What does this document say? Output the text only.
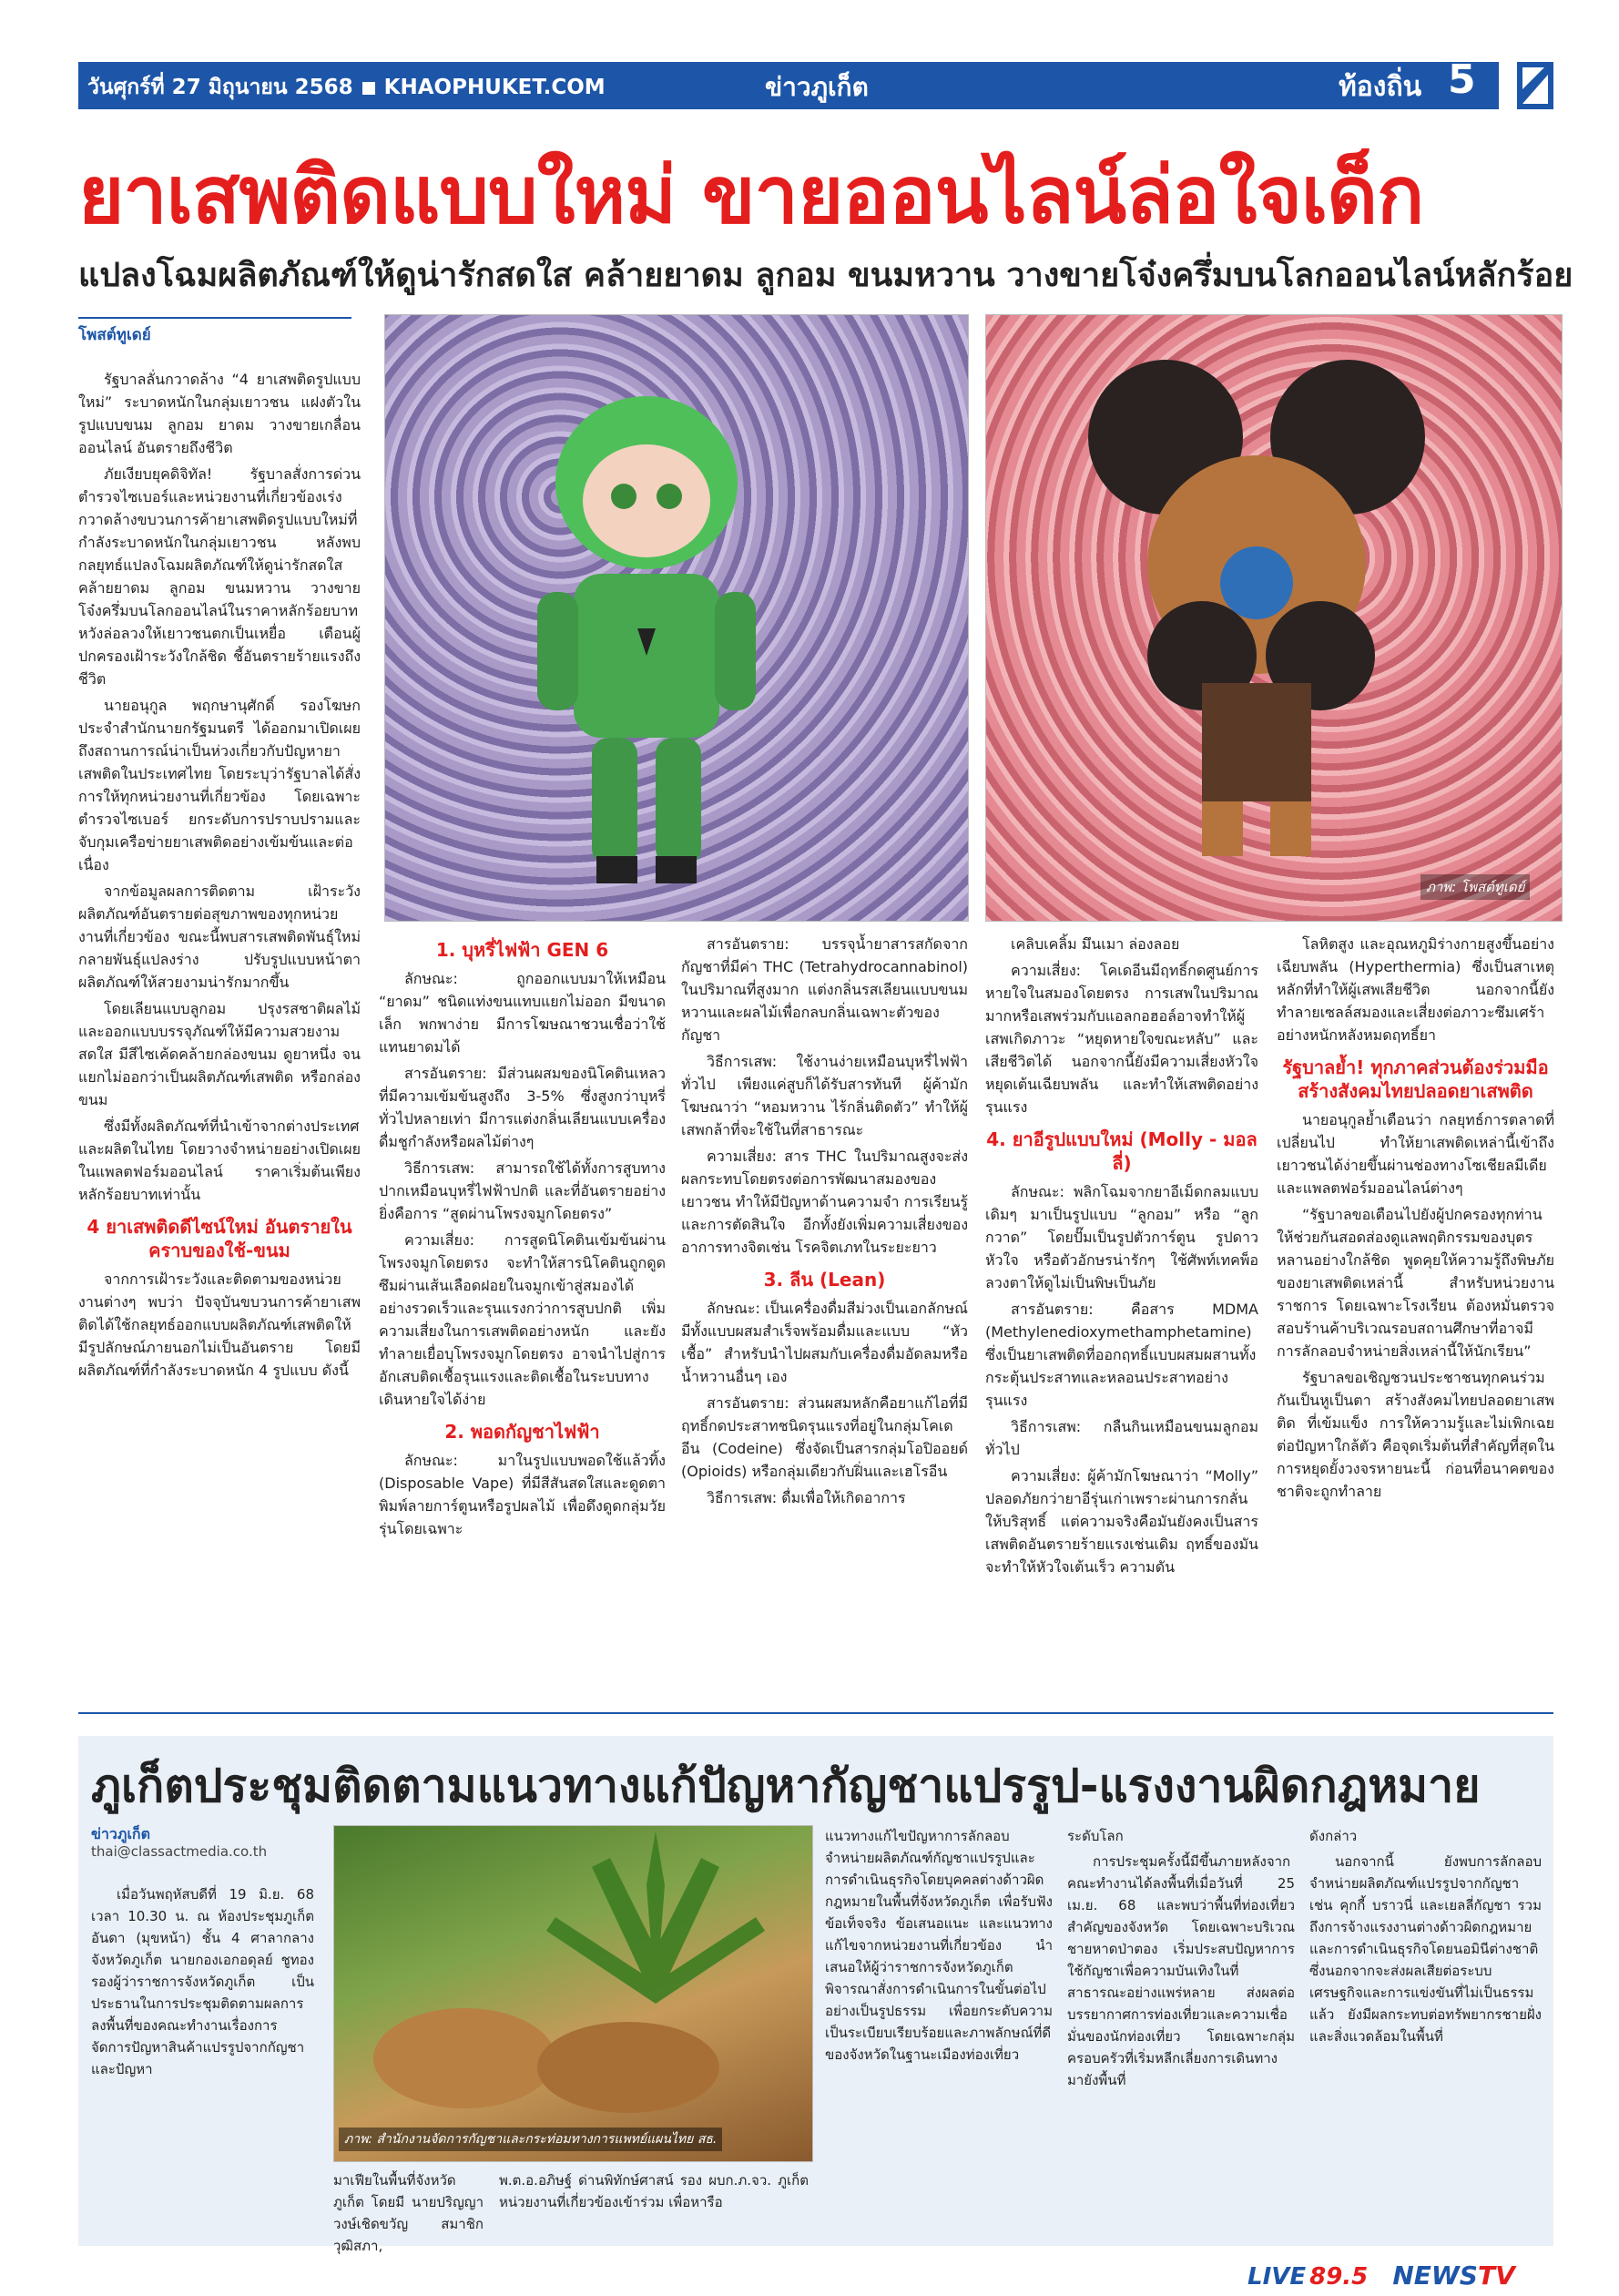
วันศุกร์ที่ 27 มิถุนายน 2568 KHAOPHUKET.COM	ข่าวภูเก็ต	ท้องถิ่น 5
ยาเสพติดแบบใหม่ ขายออนไลน์ล่อใจเด็ก
แปลงโฉมผลิตภัณฑ์ให้ดูน่ารักสดใส คล้ายยาดม ลูกอม ขนมหวาน วางขายโจ๋งครึ่มบนโลกออนไลน์หลักร้อย
โพสต์ทูเดย์

รัฐบาลลั่นกวาดล้าง “4 ยาเสพติดรูปแบบใหม่” ระบาดหนักในกลุ่มเยาวชน แฝงตัวในรูปแบบขนม ลูกอม ยาดม วางขายเกลื่อนออนไลน์ อันตรายถึงชีวิต

ภัยเงียบยุคดิจิทัล! รัฐบาลสั่งการด่วนตำรวจไซเบอร์และหน่วยงานที่เกี่ยวข้องเร่งกวาดล้างขบวนการค้ายาเสพติดรูปแบบใหม่ที่กำลังระบาดหนักในกลุ่มเยาวชน หลังพบกลยุทธ์แปลงโฉมผลิตภัณฑ์ให้ดูน่ารักสดใส คล้ายยาดม ลูกอม ขนมหวาน วางขายโจ๋งครึ่มบนโลกออนไลน์ในราคาหลักร้อยบาท หวังล่อลวงให้เยาวชนตกเป็นเหยื่อ เตือนผู้ปกครองเฝ้าระวังใกล้ชิด ชี้อันตรายร้ายแรงถึงชีวิต

นายอนุกูล พฤกษานุศักดิ์ รองโฆษกประจำสำนักนายกรัฐมนตรี ได้ออกมาเปิดเผยถึงสถานการณ์น่าเป็นห่วงเกี่ยวกับปัญหายาเสพติดในประเทศไทย โดยระบุว่ารัฐบาลได้สั่งการให้ทุกหน่วยงานที่เกี่ยวข้อง โดยเฉพาะตำรวจไซเบอร์ ยกระดับการปราบปรามและจับกุมเครือข่ายยาเสพติดอย่างเข้มข้นและต่อเนื่อง

จากข้อมูลผลการติดตาม เฝ้าระวังผลิตภัณฑ์อันตรายต่อสุขภาพของทุกหน่วยงานที่เกี่ยวข้อง ขณะนี้พบสารเสพติดพันธุ์ใหม่ กลายพันธุ์แปลงร่าง ปรับรูปแบบหน้าตาผลิตภัณฑ์ให้สวยงามน่ารักมากขึ้น

โดยเลียนแบบลูกอม ปรุงรสชาติผลไม้ และออกแบบบรรจุภัณฑ์ให้มีความสวยงามสดใส มีสีไซเค้ดคล้ายกล่องขนม ดูยาหนึ่ง จนแยกไม่ออกว่าเป็นผลิตภัณฑ์เสพติด หรือกล่องขนม

ซึ่งมีทั้งผลิตภัณฑ์ที่นำเข้าจากต่างประเทศและผลิตในไทย โดยวางจำหน่ายอย่างเปิดเผยในแพลตฟอร์มออนไลน์ ราคาเริ่มต้นเพียงหลักร้อยบาทเท่านั้น

4 ยาเสพติดดีไซน์ใหม่ อันตรายในคราบของใช้-ขนม

จากการเฝ้าระวังและติดตามของหน่วยงานต่างๆ พบว่า ปัจจุบันขบวนการค้ายาเสพติดได้ใช้กลยุทธ์ออกแบบผลิตภัณฑ์เสพติดให้มีรูปลักษณ์ภายนอกไม่เป็นอันตราย โดยมีผลิตภัณฑ์ที่กำลังระบาดหนัก 4 รูปแบบ ดังนี้

ภาพ: โพสต์ทูเดย์
1. บุหรี่ไฟฟ้า GEN 6

ลักษณะ: ถูกออกแบบมาให้เหมือน “ยาดม” ชนิดแท่งขนแทบแยกไม่ออก มีขนาดเล็ก พกพาง่าย มีการโฆษณาชวนเชื่อว่าใช้แทนยาดมได้

สารอันตราย: มีส่วนผสมของนิโคตินเหลวที่มีความเข้มข้นสูงถึง 3-5% ซึ่งสูงกว่าบุหรี่ทั่วไปหลายเท่า มีการแต่งกลิ่นเลียนแบบเครื่องดื่มชูกำลังหรือผลไม้ต่างๆ

วิธีการเสพ: สามารถใช้ได้ทั้งการสูบทางปากเหมือนบุหรี่ไฟฟ้าปกติ และที่อันตรายอย่างยิ่งคือการ “สูดผ่านโพรงจมูกโดยตรง”

ความเสี่ยง: การสูดนิโคตินเข้มข้นผ่านโพรงจมูกโดยตรง จะทำให้สารนิโคตินถูกดูดซึมผ่านเส้นเลือดฝอยในจมูกเข้าสู่สมองได้อย่างรวดเร็วและรุนแรงกว่าการสูบปกติ เพิ่มความเสี่ยงในการเสพติดอย่างหนัก และยังทำลายเยื่อบุโพรงจมูกโดยตรง อาจนำไปสู่การอักเสบติดเชื้อรุนแรงและติดเชื้อในระบบทางเดินหายใจได้ง่าย

2. พอดกัญชาไฟฟ้า

ลักษณะ: มาในรูปแบบพอดใช้แล้วทิ้ง (Disposable Vape) ที่มีสีสันสดใสและดูดตา พิมพ์ลายการ์ตูนหรือรูปผลไม้ เพื่อดึงดูดกลุ่มวัยรุ่นโดยเฉพาะ

สารอันตราย: บรรจุน้ำยาสารสกัดจากกัญชาที่มีค่า THC (Tetrahydrocannabinol) ในปริมาณที่สูงมาก แต่งกลิ่นรสเลียนแบบขนมหวานและผลไม้เพื่อกลบกลิ่นเฉพาะตัวของกัญชา

วิธีการเสพ: ใช้งานง่ายเหมือนบุหรี่ไฟฟ้าทั่วไป เพียงแค่สูบก็ได้รับสารทันที ผู้ค้ามักโฆษณาว่า “หอมหวาน ไร้กลิ่นติดตัว” ทำให้ผู้เสพกล้าที่จะใช้ในที่สาธารณะ

ความเสี่ยง: สาร THC ในปริมาณสูงจะส่งผลกระทบโดยตรงต่อการพัฒนาสมองของเยาวชน ทำให้มีปัญหาด้านความจำ การเรียนรู้ และการตัดสินใจ อีกทั้งยังเพิ่มความเสี่ยงของอาการทางจิตเช่น โรคจิตเภทในระยะยาว

3. ลีน (Lean)

ลักษณะ: เป็นเครื่องดื่มสีม่วงเป็นเอกลักษณ์ มีทั้งแบบผสมสำเร็จพร้อมดื่มและแบบ “หัวเชื้อ” สำหรับนำไปผสมกับเครื่องดื่มอัดลมหรือน้ำหวานอื่นๆ เอง

สารอันตราย: ส่วนผสมหลักคือยาแก้ไอที่มีฤทธิ์กดประสาทชนิดรุนแรงที่อยู่ในกลุ่มโคเดอีน (Codeine) ซึ่งจัดเป็นสารกลุ่มโอปิออยด์ (Opioids) หรือกลุ่มเดียวกับฝิ่นและเฮโรอีน

วิธีการเสพ: ดื่มเพื่อให้เกิดอาการ

เคลิบเคลิ้ม มึนเมา ล่องลอย

ความเสี่ยง: โคเดอีนมีฤทธิ์กดศูนย์การหายใจในสมองโดยตรง การเสพในปริมาณมากหรือเสพร่วมกับแอลกอฮอล์อาจทำให้ผู้เสพเกิดภาวะ “หยุดหายใจขณะหลับ” และเสียชีวิตได้ นอกจากนี้ยังมีความเสี่ยงหัวใจหยุดเต้นเฉียบพลัน และทำให้เสพติดอย่างรุนแรง

4. ยาอีรูปแบบใหม่ (Molly - มอลลี่)

ลักษณะ: พลิกโฉมจากยาอีเม็ดกลมแบบเดิมๆ มาเป็นรูปแบบ “ลูกอม” หรือ “ลูกกวาด” โดยปั๊มเป็นรูปตัวการ์ตูน รูปดาว หัวใจ หรือตัวอักษรน่ารักๆ ใช้ศัพท์เทคพ็อลวงตาให้ดูไม่เป็นพิษเป็นภัย

สารอันตราย: คือสาร MDMA (Methylenedioxymethamphetamine) ซึ่งเป็นยาเสพติดที่ออกฤทธิ์แบบผสมผสานทั้งกระตุ้นประสาทและหลอนประสาทอย่างรุนแรง

วิธีการเสพ: กลืนกินเหมือนขนมลูกอมทั่วไป

ความเสี่ยง: ผู้ค้ามักโฆษณาว่า “Molly” ปลอดภัยกว่ายาอีรุ่นเก่าเพราะผ่านการกลั่นให้บริสุทธิ์ แต่ความจริงคือมันยังคงเป็นสารเสพติดอันตรายร้ายแรงเช่นเดิม ฤทธิ์ของมันจะทำให้หัวใจเต้นเร็ว ความดัน

โลหิตสูง และอุณหภูมิร่างกายสูงขึ้นอย่างเฉียบพลัน (Hyperthermia) ซึ่งเป็นสาเหตุหลักที่ทำให้ผู้เสพเสียชีวิต นอกจากนี้ยังทำลายเซลล์สมองและเสี่ยงต่อภาวะซึมเศร้าอย่างหนักหลังหมดฤทธิ์ยา

รัฐบาลย้ำ! ทุกภาคส่วนต้องร่วมมือ สร้างสังคมไทยปลอดยาเสพติด

นายอนุกูลย้ำเตือนว่า กลยุทธ์การตลาดที่เปลี่ยนไป ทำให้ยาเสพติดเหล่านี้เข้าถึงเยาวชนได้ง่ายขึ้นผ่านช่องทางโซเชียลมีเดียและแพลตฟอร์มออนไลน์ต่างๆ

“รัฐบาลขอเตือนไปยังผู้ปกครองทุกท่าน ให้ช่วยกันสอดส่องดูแลพฤติกรรมของบุตรหลานอย่างใกล้ชิด พูดคุยให้ความรู้ถึงพิษภัยของยาเสพติดเหล่านี้ สำหรับหน่วยงานราชการ โดยเฉพาะโรงเรียน ต้องหมั่นตรวจสอบร้านค้าบริเวณรอบสถานศึกษาที่อาจมีการลักลอบจำหน่ายสิ่งเหล่านี้ให้นักเรียน”

รัฐบาลขอเชิญชวนประชาชนทุกคนร่วมกันเป็นหูเป็นตา สร้างสังคมไทยปลอดยาเสพติด ที่เข้มแข็ง การให้ความรู้และไม่เพิกเฉยต่อปัญหาใกล้ตัว คือจุดเริ่มต้นที่สำคัญที่สุดในการหยุดยั้งวงจรหายนะนี้ ก่อนที่อนาคตของชาติจะถูกทำลาย

ภูเก็ตประชุมติดตามแนวทางแก้ปัญหากัญชาแปรรูป-แรงงานผิดกฎหมาย
ข่าวภูเก็ต
thai@classactmedia.co.th

เมื่อวันพฤหัสบดีที่ 19 มิ.ย. 68 เวลา 10.30 น. ณ ห้องประชุมภูเก็ตอันดา (มุขหน้า) ชั้น 4 ศาลากลางจังหวัดภูเก็ต นายกองเอกอดุลย์ ชูทอง รองผู้ว่าราชการจังหวัดภูเก็ต เป็นประธานในการประชุมติดตามผลการลงพื้นที่ของคณะทำงานเรื่องการจัดการปัญหาสินค้าแปรรูปจากกัญชา และปัญหา

ภาพ: สำนักงานจัดการกัญชาและกระท่อมทางการแพทย์แผนไทย สธ.

มาเฟียในพื้นที่จังหวัดภูเก็ต โดยมี นายปริญญา วงษ์เชิดขวัญ สมาชิกวุฒิสภา,

พ.ต.อ.อภิษฐ์ ด่านพิทักษ์ศาสน์ รอง ผบก.ภ.จว. ภูเก็ต หน่วยงานที่เกี่ยวข้องเข้าร่วม เพื่อหารือ

แนวทางแก้ไขปัญหาการลักลอบจำหน่ายผลิตภัณฑ์กัญชาแปรรูปและการดำเนินธุรกิจโดยบุคคลต่างด้าวผิดกฎหมายในพื้นที่จังหวัดภูเก็ต เพื่อรับฟังข้อเท็จจริง ข้อเสนอแนะ และแนวทางแก้ไขจากหน่วยงานที่เกี่ยวข้อง นำเสนอให้ผู้ว่าราชการจังหวัดภูเก็ตพิจารณาสั่งการดำเนินการในขั้นต่อไปอย่างเป็นรูปธรรม เพื่อยกระดับความเป็นระเบียบเรียบร้อยและภาพลักษณ์ที่ดีของจังหวัดในฐานะเมืองท่องเที่ยว

ระดับโลก

การประชุมครั้งนี้มีขึ้นภายหลังจากคณะทำงานได้ลงพื้นที่เมื่อวันที่ 25 เม.ย. 68 และพบว่าพื้นที่ท่องเที่ยวสำคัญของจังหวัด โดยเฉพาะบริเวณชายหาดป่าตอง เริ่มประสบปัญหาการใช้กัญชาเพื่อความบันเทิงในที่สาธารณะอย่างแพร่หลาย ส่งผลต่อบรรยากาศการท่องเที่ยวและความเชื่อมั่นของนักท่องเที่ยว โดยเฉพาะกลุ่มครอบครัวที่เริ่มหลีกเลี่ยงการเดินทางมายังพื้นที่

ดังกล่าว

นอกจากนี้ ยังพบการลักลอบจำหน่ายผลิตภัณฑ์แปรรูปจากกัญชา เช่น คุกกี้ บราวนี่ และเยลลี่กัญชา รวมถึงการจ้างแรงงานต่างด้าวผิดกฎหมาย และการดำเนินธุรกิจโดยนอมินีต่างชาติ ซึ่งนอกจากจะส่งผลเสียต่อระบบเศรษฐกิจและการแข่งขันที่ไม่เป็นธรรมแล้ว ยังมีผลกระทบต่อทรัพยากรชายฝั่งและสิ่งแวดล้อมในพื้นที่

LIVE 89.5 NEWSTV
